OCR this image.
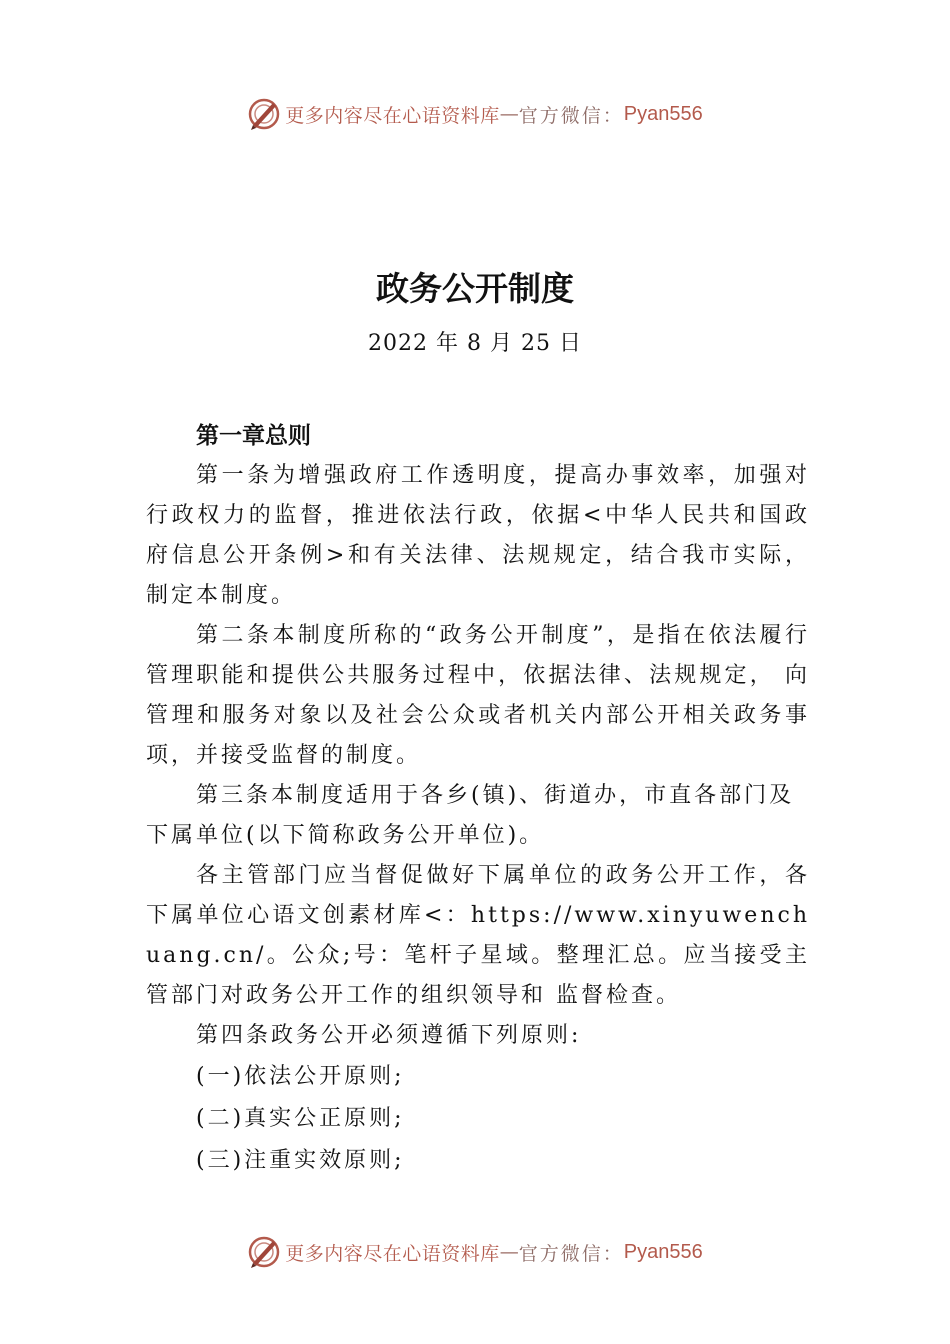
更多内容尽在心语资料库 — 官方微信： Pyan556
政务公开制度
2022 年 8 月 25 日
第一章总则

第一条为增强政府工作透明度，提高办事效率，加强对行政权力的监督，推进依法行政，依据<中华人民共和国政府信息公开条例>和有关法律、法规规定，结合我市实际，制定本制度。

第二条本制度所称的“政务公开制度”，是指在依法履行管理职能和提供公共服务过程中，依据法律、法规规定， 向管理和服务对象以及社会公众或者机关内部公开相关政务事项，并接受监督的制度。

第三条本制度适用于各乡(镇)、街道办，市直各部门及

下属单位(以下简称政务公开单位)。

各主管部门应当督促做好下属单位的政务公开工作，各下属单位心语文创素材库<：https://www.xinyuwenchuang.cn/。公众;号：笔杆子星域。整理汇总。应当接受主管部门对政务公开工作的组织领导和 监督检查。

第四条政务公开必须遵循下列原则:

(一)依法公开原则;

(二)真实公正原则;

(三)注重实效原则;

更多内容尽在心语资料库 — 官方微信： Pyan556
